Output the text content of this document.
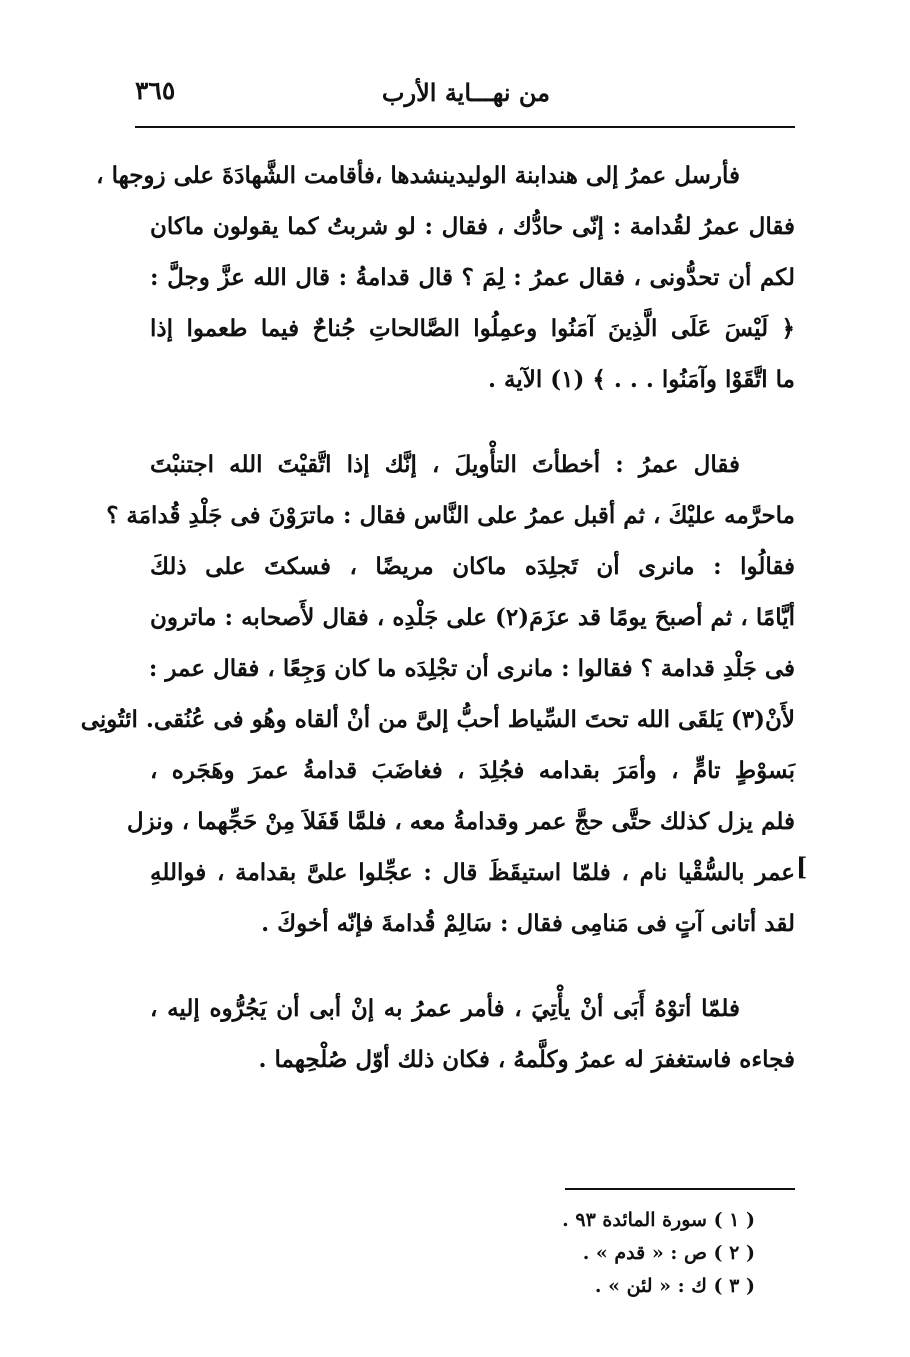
من نهـــاية الأرب
٣٦٥
فأرسل عمرُ إلى هندابنة الوليدينشدها ،فأقامت الشَّهادَةَ على زوجها ،
فقال عمرُ لقُدامة : إنّى حادُّك ، فقال : لو شربتُ كما يقولون ماكان
لكم أن تحدُّونى ، فقال عمرُ : لِمَ ؟ قال قدامةُ : قال الله عزَّ وجلَّ :
﴿ لَيْسَ عَلَى الَّذِينَ آمَنُوا وعمِلُوا الصَّالحاتِ جُناحٌ فيما طعموا إذا
ما اتَّقَوْا وآمَنُوا . . . ﴾ (١) الآية .
فقال عمرُ : أخطأتَ التأْويلَ ، إنَّك إذا اتَّقيْتَ الله اجتنبْتَ
ماحرَّمه عليْكَ ، ثم أقبل عمرُ على النَّاس فقال : ماترَوْنَ فى جَلْدِ قُدامَة ؟
فقالُوا : مانرى أن تَجلِدَه ماكان مريضًا ، فسكتَ على ذلكَ
أيَّامًا ، ثم أصبحَ يومًا قد عزَمَ(٢) على جَلْدِه ، فقال لأَصحابه : ماترون
فى جَلْدِ قدامة ؟ فقالوا : مانرى أن تجْلِدَه ما كان وَجِعًا ، فقال عمر :
لأَنْ(٣) يَلقَى الله تحتَ السِّياط أحبُّ إلىَّ من أنْ ألقاه وهُو فى عُنُقى. ائتُونِى
بَسوْطٍ تامٍّ ، وأمَرَ بقدامه فجُلِدَ ، فغاضَبَ قدامةُ عمرَ وهَجَره ،
فلم يزل كذلك حتَّى حجَّ عمر وقدامةُ معه ، فلمَّا قَفَلاَ مِنْ حَجِّهما ، ونزل
عمر بالسُّقْيا نام ، فلمّا استيقَظَ قال : عجِّلوا علىَّ بقدامة ، فواللهِ
لقد أتانى آتٍ فى مَنامِى فقال : سَالِمْ قُدامةَ فإنّه أخوكَ .
فلمّا أتوْهُ أَبَى أنْ يأْتِيَ ، فأمر عمرُ به إنْ أبى أن يَجُرُّوه إليه ،
فجاءه فاستغفرَ له عمرُ وكلَّمهُ ، فكان ذلك أوّل صُلْحِهما .
[
( ١ ) سورة المائدة ٩٣ .
( ٢ ) ص : « قدم » .
( ٣ ) ك : « لئن » .
